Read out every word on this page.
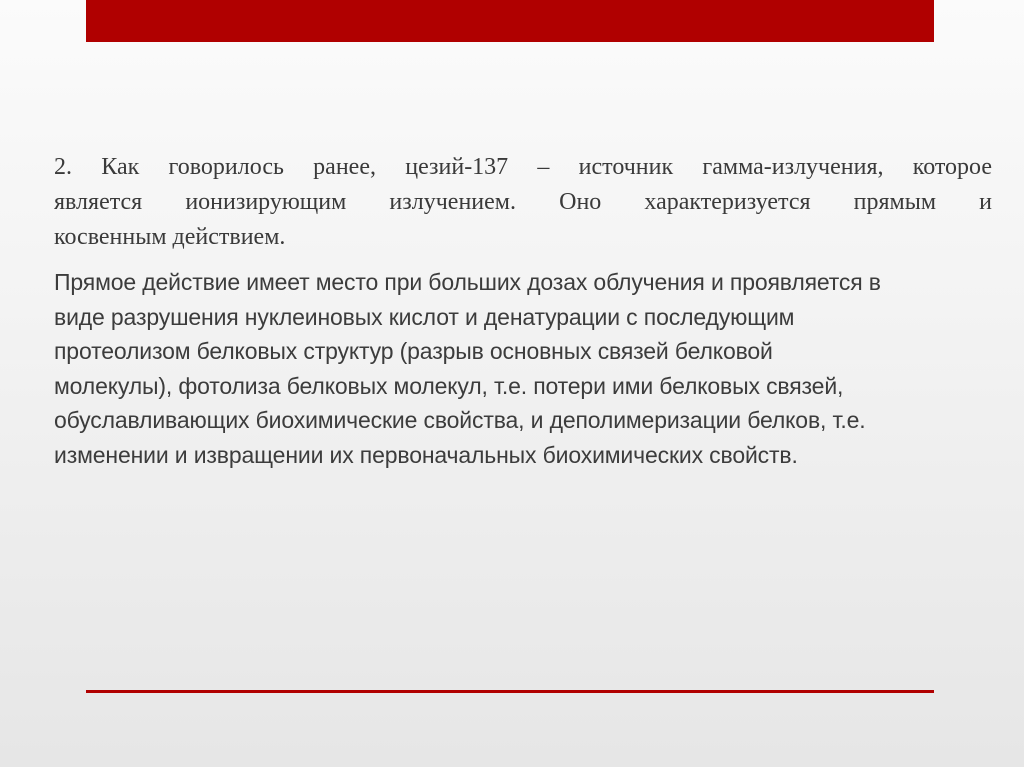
2. Как говорилось ранее, цезий-137 – источник гамма-излучения, которое
является ионизирующим излучением. Оно характеризуется прямым и
косвенным действием.

Прямое действие имеет место при больших дозах облучения и проявляется в
виде разрушения нуклеиновых кислот и денатурации с последующим
протеолизом белковых структур (разрыв основных связей белковой
молекулы), фотолиза белковых молекул, т.е. потери ими белковых связей,
обуславливающих биохимические свойства, и деполимеризации белков, т.е.
изменении и извращении их первоначальных биохимических свойств.
